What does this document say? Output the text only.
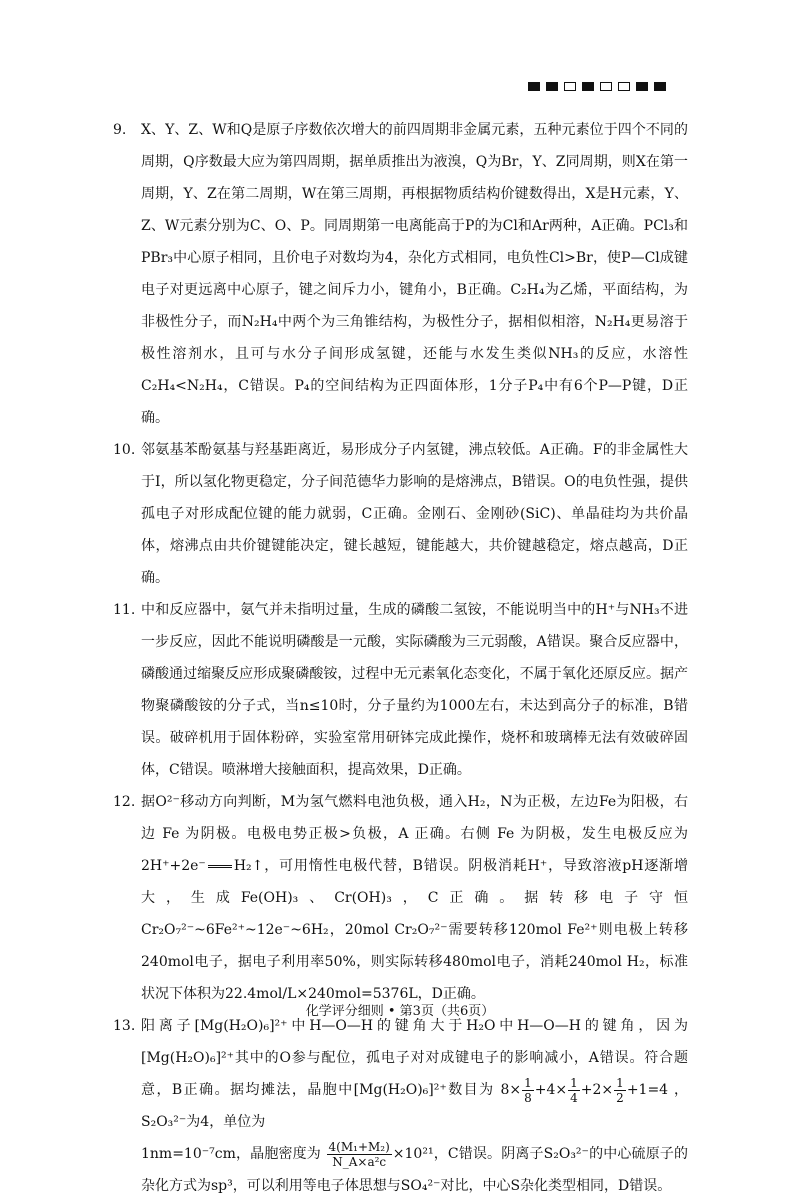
9. X、Y、Z、W和Q是原子序数依次增大的前四周期非金属元素，五种元素位于四个不同的周期，Q序数最大应为第四周期，据单质推出为液溴，Q为Br，Y、Z同周期，则X在第一周期，Y、Z在第二周期，W在第三周期，再根据物质结构价键数得出，X是H元素，Y、Z、W元素分别为C、O、P。同周期第一电离能高于P的为Cl和Ar两种，A正确。PCl₃和PBr₃中心原子相同，且价电子对数均为4，杂化方式相同，电负性Cl>Br，使P—Cl成键电子对更远离中心原子，键之间斥力小，键角小，B正确。C₂H₄为乙烯，平面结构，为非极性分子，而N₂H₄中两个为三角锥结构，为极性分子，据相似相溶，N₂H₄更易溶于极性溶剂水，且可与水分子间形成氢键，还能与水发生类似NH₃的反应，水溶性C₂H₄<N₂H₄，C错误。P₄的空间结构为正四面体形，1分子P₄中有6个P—P键，D正确。
10. 邻氨基苯酚氨基与羟基距离近，易形成分子内氢键，沸点较低。A正确。F的非金属性大于I，所以氢化物更稳定，分子间范德华力影响的是熔沸点，B错误。O的电负性强，提供孤电子对形成配位键的能力就弱，C正确。金刚石、金刚砂(SiC)、单晶硅均为共价晶体，熔沸点由共价键键能决定，键长越短，键能越大，共价键越稳定，熔点越高，D正确。
11. 中和反应器中，氨气并未指明过量，生成的磷酸二氢铵，不能说明当中的H⁺与NH₃不进一步反应，因此不能说明磷酸是一元酸，实际磷酸为三元弱酸，A错误。聚合反应器中，磷酸通过缩聚反应形成聚磷酸铵，过程中无元素氧化态变化，不属于氧化还原反应。据产物聚磷酸铵的分子式，当n≤10时，分子量约为1000左右，未达到高分子的标准，B错误。破碎机用于固体粉碎，实验室常用研钵完成此操作，烧杯和玻璃棒无法有效破碎固体，C错误。喷淋增大接触面积，提高效果，D正确。
12. 据O²⁻移动方向判断，M为氢气燃料电池负极，通入H₂，N为正极，左边Fe为阳极，右边 Fe 为阴极。电极电势正极>负极，A 正确。右侧 Fe 为阴极，发生电极反应为 2H⁺+2e⁻ H₂↑，可用惰性电极代替，B错误。阴极消耗H⁺，导致溶液pH逐渐增大，生成Fe(OH)₃、Cr(OH)₃，C正确。据转移电子守恒Cr₂O₇²⁻~6Fe²⁺~12e⁻~6H₂，20mol Cr₂O₇²⁻需要转移120mol Fe²⁺则电极上转移240mol电子，据电子利用率50%，则实际转移480mol电子，消耗240mol H₂，标准状况下体积为22.4mol/L×240mol=5376L，D正确。
13. 阳离子[Mg(H₂O)₆]²⁺中H—O—H的键角大于H₂O中H—O—H的键角，因为[Mg(H₂O)₆]²⁺其中的O参与配位，孤电子对对成键电子的影响减小，A错误。符合题意，B正确。据均摊法，晶胞中[Mg(H₂O)₆]²⁺数目为 $8\times \frac{1}{8} +4\times \frac{1}{4} +2\times \frac{1}{2} +1=4$ ，S₂O₃²⁻为4，单位为
1nm=10⁻⁷cm，晶胞密度为 $\frac{\text{4(M₁+M₂)}}{\text{N\_A×a²c}} \times 10^{21}$，C错误。阴离子S₂O₃²⁻的中心硫原子的杂化方式为sp³，可以利用等电子体思想与SO₄²⁻对比，中心S杂化类型相同，D错误。
化学评分细则 • 第3页（共6页）
